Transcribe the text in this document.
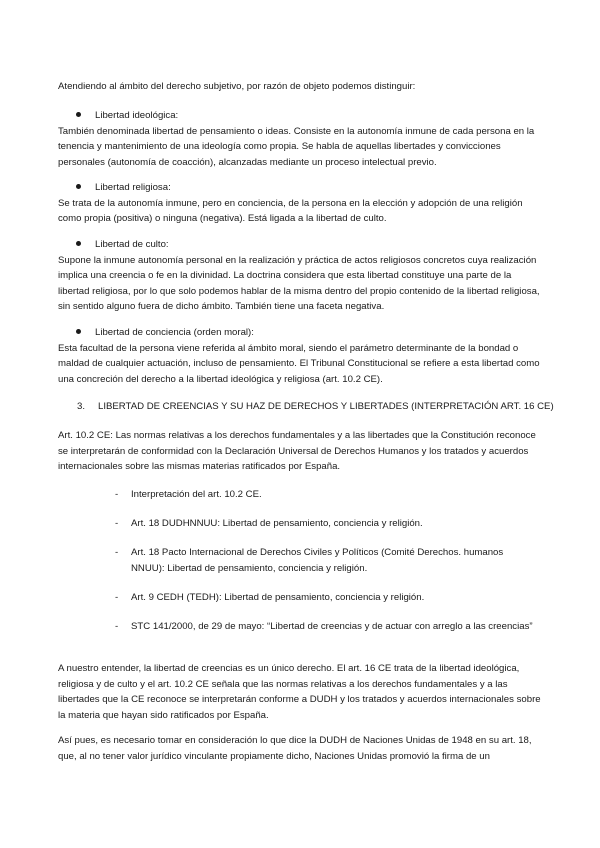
Atendiendo al ámbito del derecho subjetivo, por razón de objeto podemos distinguir:
Libertad ideológica:
También denominada libertad de pensamiento o ideas. Consiste en la autonomía inmune de cada persona en la tenencia y mantenimiento de una ideología como propia. Se habla de aquellas libertades y convicciones personales (autonomía de coacción), alcanzadas mediante un proceso intelectual previo.
Libertad religiosa:
Se trata de la autonomía inmune, pero en conciencia, de la persona en la elección y adopción de una religión como propia (positiva) o ninguna (negativa). Está ligada a la libertad de culto.
Libertad de culto:
Supone la inmune autonomía personal en la realización y práctica de actos religiosos concretos cuya realización implica una creencia o fe en la divinidad. La doctrina considera que esta libertad constituye una parte de la libertad religiosa, por lo que solo podemos hablar de la misma dentro del propio contenido de la libertad religiosa, sin sentido alguno fuera de dicho ámbito. También tiene una faceta negativa.
Libertad de conciencia (orden moral):
Esta facultad de la persona viene referida al ámbito moral, siendo el parámetro determinante de la bondad o maldad de cualquier actuación, incluso de pensamiento. El Tribunal Constitucional se refiere a esta libertad como una concreción del derecho a la libertad ideológica y religiosa (art. 10.2 CE).
3. LIBERTAD DE CREENCIAS Y SU HAZ DE DERECHOS Y LIBERTADES (INTERPRETACIÓN ART. 16 CE)
Art. 10.2 CE: Las normas relativas a los derechos fundamentales y a las libertades que la Constitución reconoce se interpretarán de conformidad con la Declaración Universal de Derechos Humanos y los tratados y acuerdos internacionales sobre las mismas materias ratificados por España.
- Interpretación del art. 10.2 CE.
- Art. 18 DUDHNNUU: Libertad de pensamiento, conciencia y religión.
- Art. 18 Pacto Internacional de Derechos Civiles y Políticos (Comité Derechos. humanos NNUU): Libertad de pensamiento, conciencia y religión.
- Art. 9 CEDH (TEDH): Libertad de pensamiento, conciencia y religión.
- STC 141/2000, de 29 de mayo: “Libertad de creencias y de actuar con arreglo a las creencias”
A nuestro entender, la libertad de creencias es un único derecho. El art. 16 CE trata de la libertad ideológica, religiosa y de culto y el art. 10.2 CE señala que las normas relativas a los derechos fundamentales y a las libertades que la CE reconoce se interpretarán conforme a DUDH y los tratados y acuerdos internacionales sobre la materia que hayan sido ratificados por España.
Así pues, es necesario tomar en consideración lo que dice la DUDH de Naciones Unidas de 1948 en su art. 18, que, al no tener valor jurídico vinculante propiamente dicho, Naciones Unidas promovió la firma de un
